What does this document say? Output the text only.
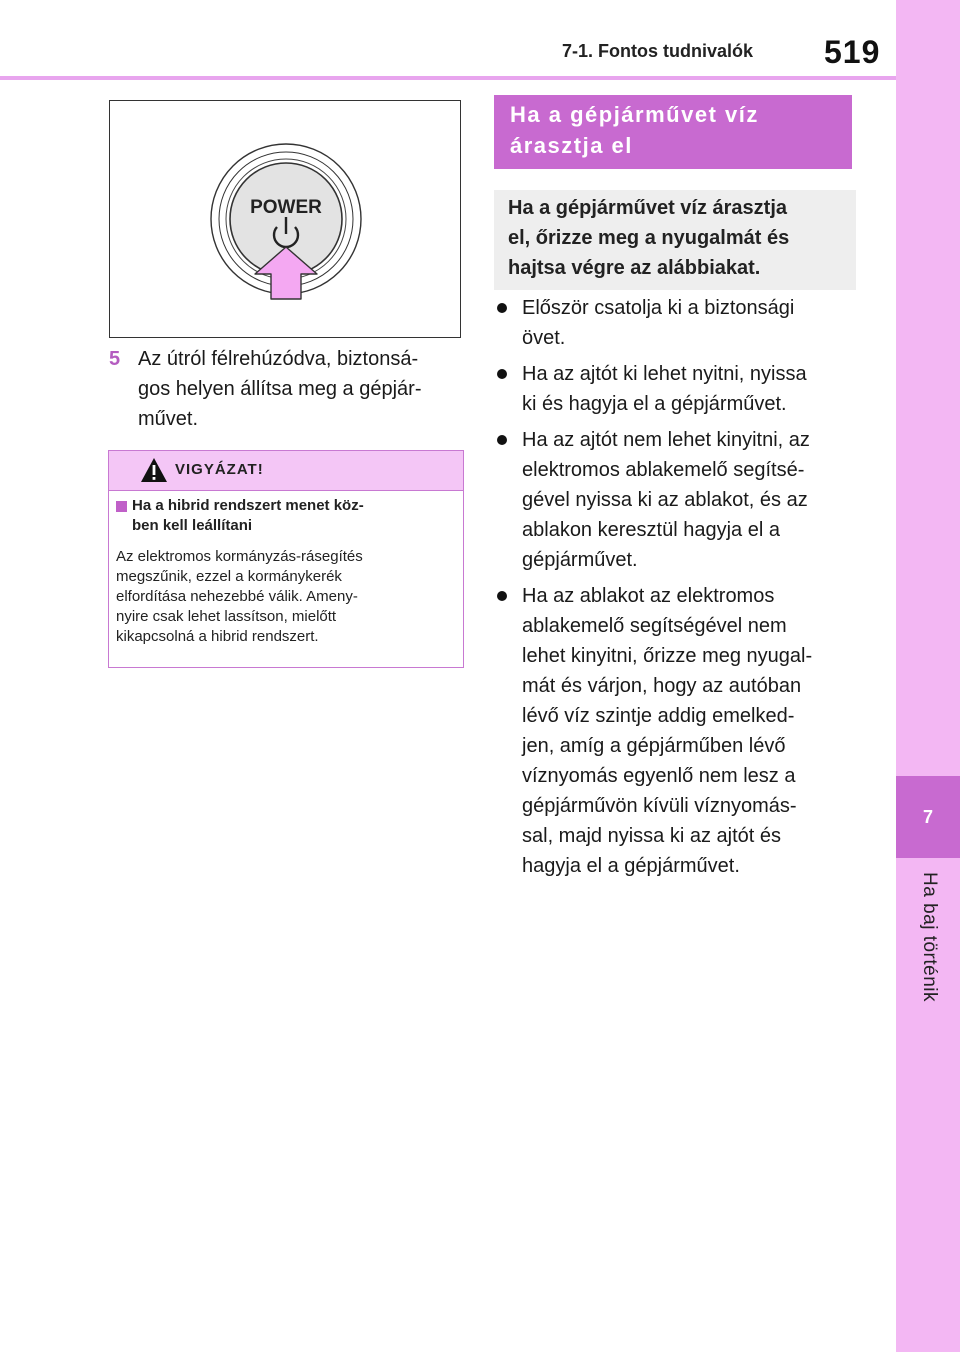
7-1. Fontos tudnivalók 519
7
Ha baj történik
POWER
5 Az útról félrehúzódva, biztonsá-
gos helyen állítsa meg a gépjár-
művet.
VIGYÁZAT!
Ha a hibrid rendszert menet köz-
ben kell leállítani
Az elektromos kormányzás-rásegítés
megszűnik, ezzel a kormánykerék
elfordítása nehezebbé válik. Ameny-
nyire csak lehet lassítson, mielőtt
kikapcsolná a hibrid rendszert.
Ha a gépjárművet víz
árasztja el
Ha a gépjárművet víz árasztja
el, őrizze meg a nyugalmát és
hajtsa végre az alábbiakat.
Először csatolja ki a biztonsági
övet.
Ha az ajtót ki lehet nyitni, nyissa
ki és hagyja el a gépjárművet.
Ha az ajtót nem lehet kinyitni, az
elektromos ablakemelő segítsé-
gével nyissa ki az ablakot, és az
ablakon keresztül hagyja el a
gépjárművet.
Ha az ablakot az elektromos
ablakemelő segítségével nem
lehet kinyitni, őrizze meg nyugal-
mát és várjon, hogy az autóban
lévő víz szintje addig emelked-
jen, amíg a gépjárműben lévő
víznyomás egyenlő nem lesz a
gépjárművön kívüli víznyomás-
sal, majd nyissa ki az ajtót és
hagyja el a gépjárművet.
